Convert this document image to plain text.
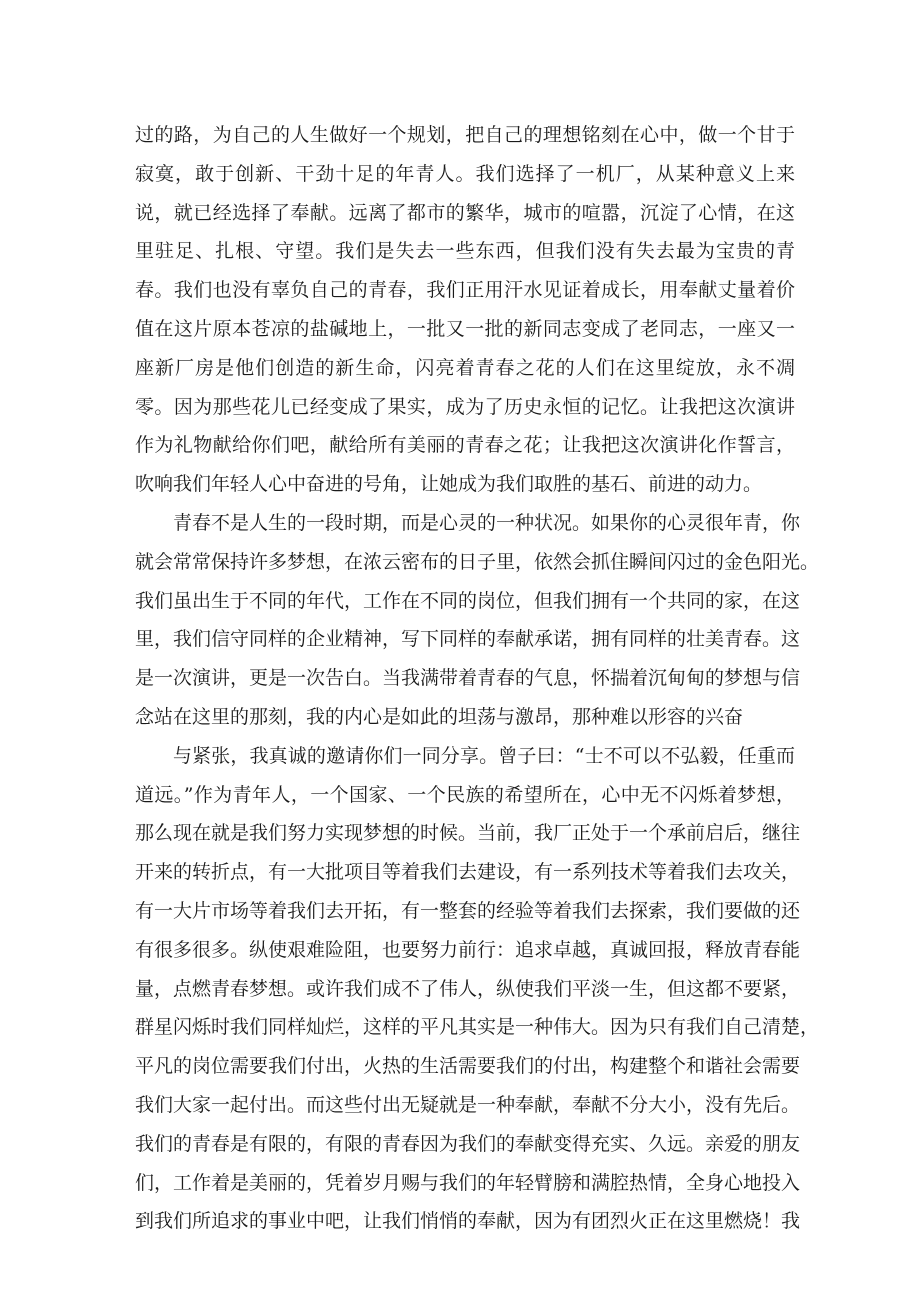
过的路，为自己的人生做好一个规划，把自己的理想铭刻在心中，做一个甘于
寂寞，敢于创新、干劲十足的年青人。我们选择了一机厂，从某种意义上来
说，就已经选择了奉献。远离了都市的繁华，城市的喧嚣，沉淀了心情，在这
里驻足、扎根、守望。我们是失去一些东西，但我们没有失去最为宝贵的青
春。我们也没有辜负自己的青春，我们正用汗水见证着成长，用奉献丈量着价
值在这片原本苍凉的盐碱地上，一批又一批的新同志变成了老同志，一座又一
座新厂房是他们创造的新生命，闪亮着青春之花的人们在这里绽放，永不凋
零。因为那些花儿已经变成了果实，成为了历史永恒的记忆。让我把这次演讲
作为礼物献给你们吧，献给所有美丽的青春之花；让我把这次演讲化作誓言，
吹响我们年轻人心中奋进的号角，让她成为我们取胜的基石、前进的动力。
青春不是人生的一段时期，而是心灵的一种状况。如果你的心灵很年青，你
就会常常保持许多梦想，在浓云密布的日子里，依然会抓住瞬间闪过的金色阳光。
我们虽出生于不同的年代，工作在不同的岗位，但我们拥有一个共同的家，在这
里，我们信守同样的企业精神，写下同样的奉献承诺，拥有同样的壮美青春。这
是一次演讲，更是一次告白。当我满带着青春的气息，怀揣着沉甸甸的梦想与信
念站在这里的那刻，我的内心是如此的坦荡与激昂，那种难以形容的兴奋
与紧张，我真诚的邀请你们一同分享。曾子曰：“士不可以不弘毅，任重而
道远。”作为青年人，一个国家、一个民族的希望所在，心中无不闪烁着梦想，
那么现在就是我们努力实现梦想的时候。当前，我厂正处于一个承前启后，继往
开来的转折点，有一大批项目等着我们去建设，有一系列技术等着我们去攻关，
有一大片市场等着我们去开拓，有一整套的经验等着我们去探索，我们要做的还
有很多很多。纵使艰难险阻，也要努力前行：追求卓越，真诚回报，释放青春能
量，点燃青春梦想。或许我们成不了伟人，纵使我们平淡一生，但这都不要紧，
群星闪烁时我们同样灿烂，这样的平凡其实是一种伟大。因为只有我们自己清楚，
平凡的岗位需要我们付出，火热的生活需要我们的付出，构建整个和谐社会需要
我们大家一起付出。而这些付出无疑就是一种奉献，奉献不分大小，没有先后。
我们的青春是有限的，有限的青春因为我们的奉献变得充实、久远。亲爱的朋友
们，工作着是美丽的，凭着岁月赐与我们的年轻臂膀和满腔热情，全身心地投入
到我们所追求的事业中吧，让我们悄悄的奉献，因为有团烈火正在这里燃烧！我
